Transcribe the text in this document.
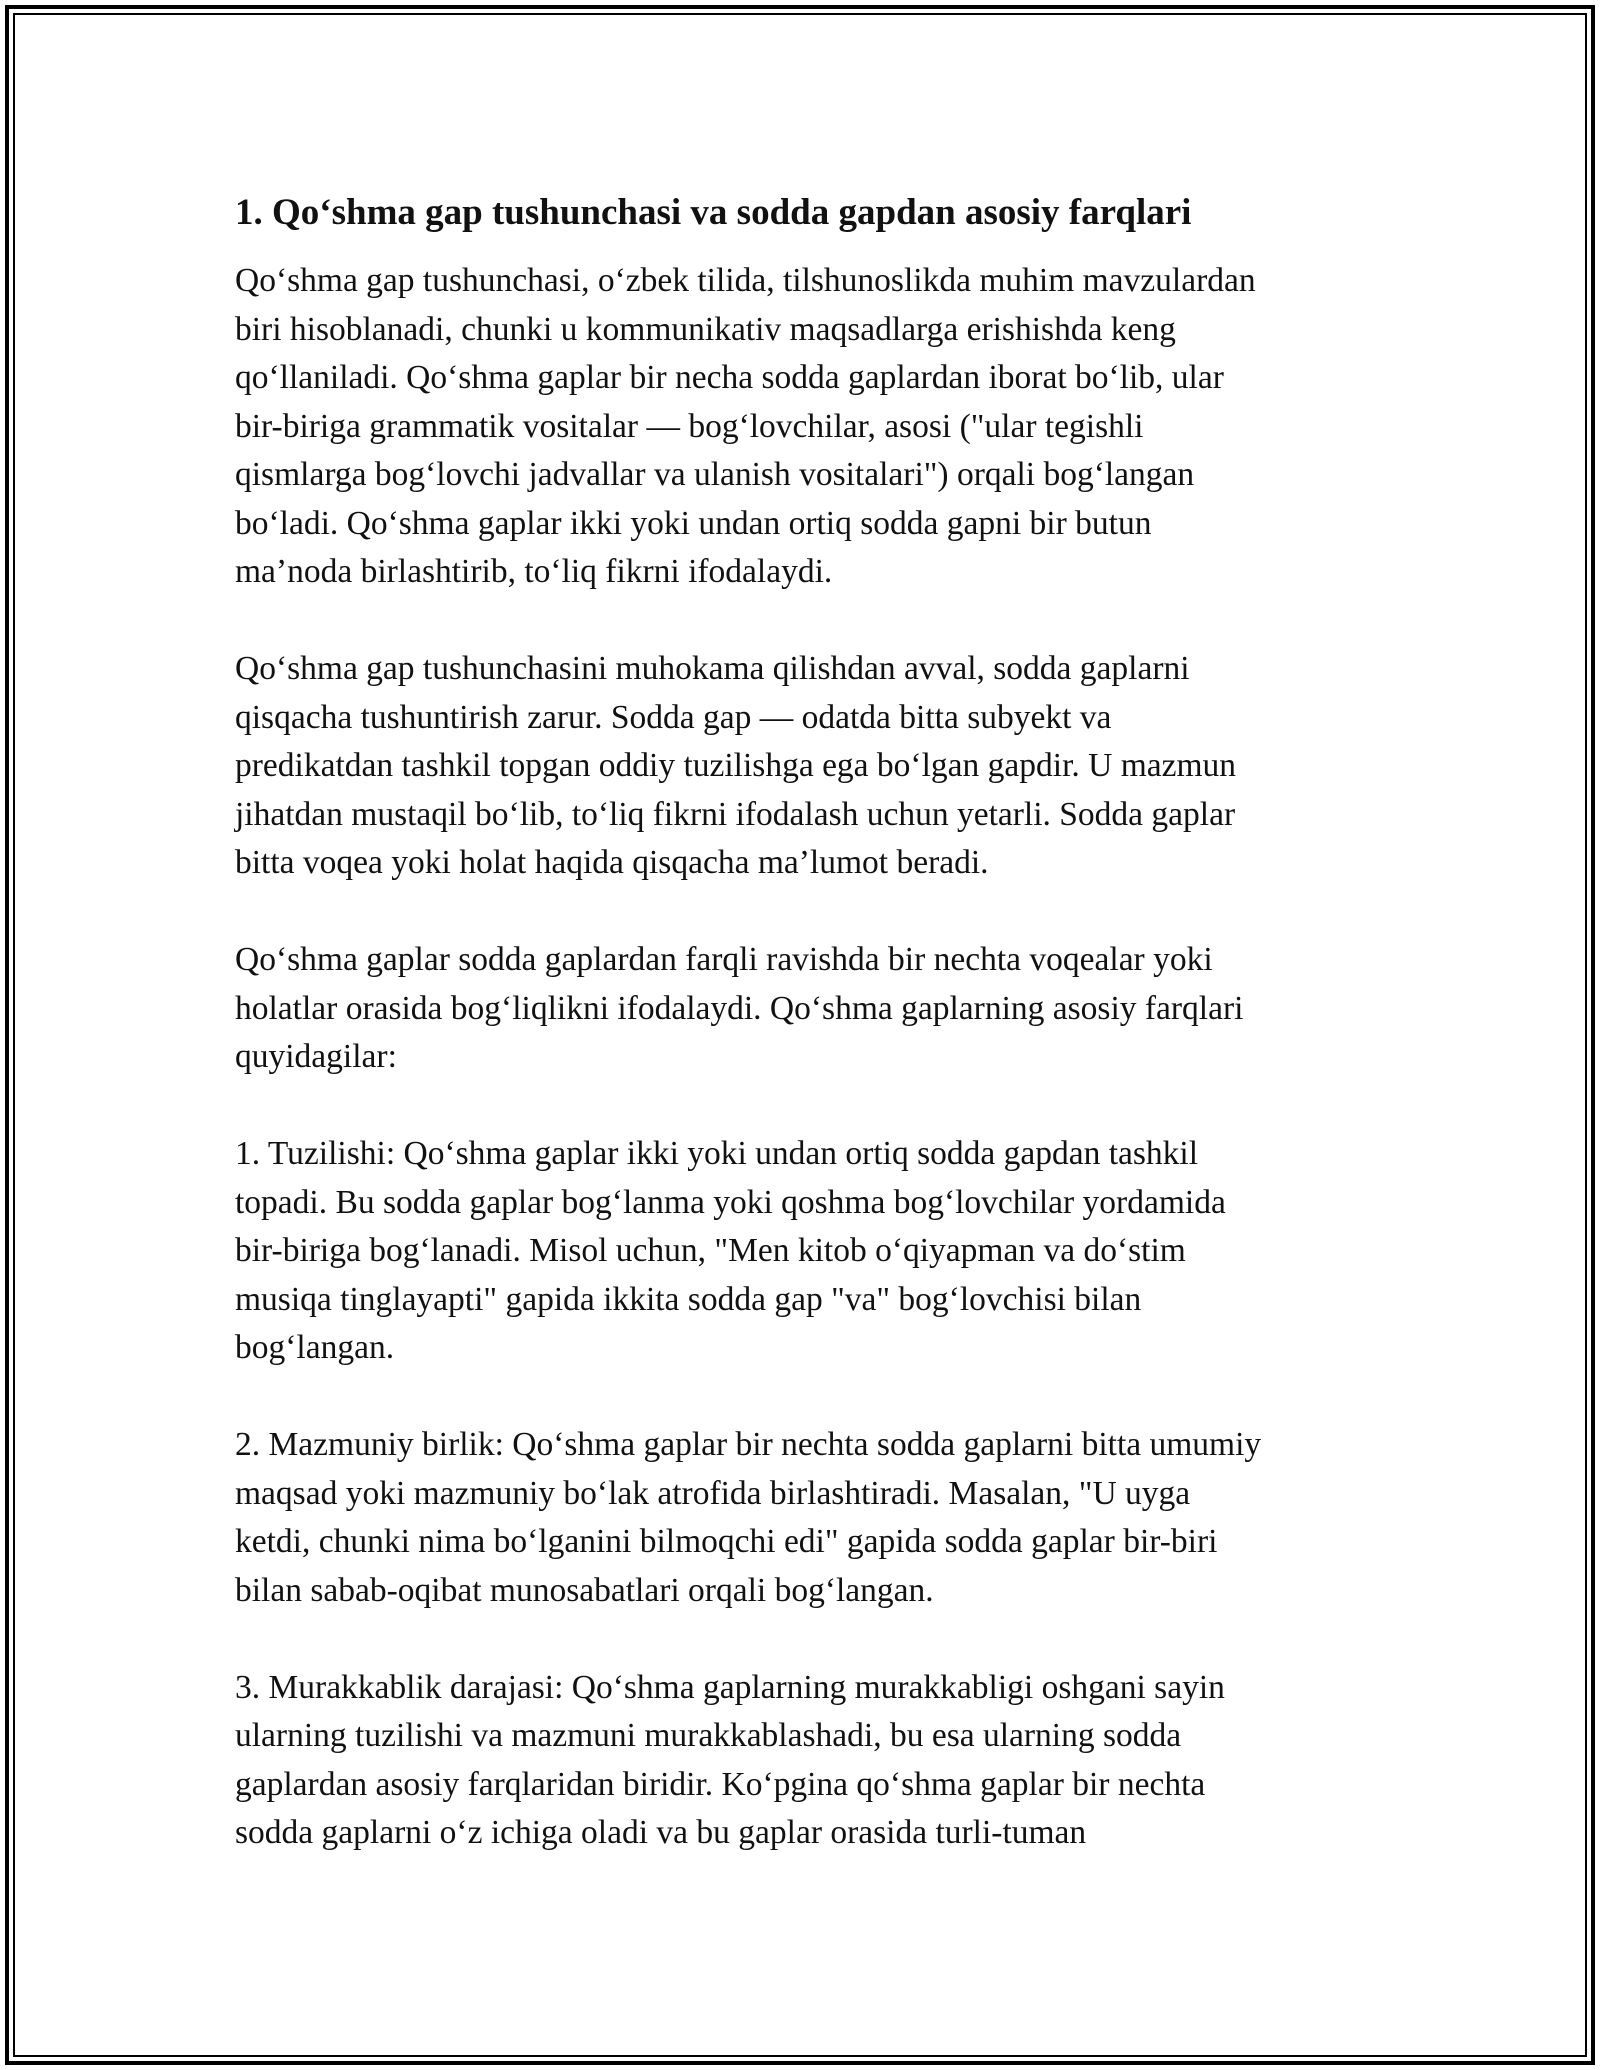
1. Qo‘shma gap tushunchasi va sodda gapdan asosiy farqlari

Qo‘shma gap tushunchasi, o‘zbek tilida, tilshunoslikda muhim mavzulardan
biri hisoblanadi, chunki u kommunikativ maqsadlarga erishishda keng
qo‘llaniladi. Qo‘shma gaplar bir necha sodda gaplardan iborat bo‘lib, ular
bir-biriga grammatik vositalar — bog‘lovchilar, asosi ("ular tegishli
qismlarga bog‘lovchi jadvallar va ulanish vositalari") orqali bog‘langan
bo‘ladi. Qo‘shma gaplar ikki yoki undan ortiq sodda gapni bir butun
ma’noda birlashtirib, to‘liq fikrni ifodalaydi.

Qo‘shma gap tushunchasini muhokama qilishdan avval, sodda gaplarni
qisqacha tushuntirish zarur. Sodda gap — odatda bitta subyekt va
predikatdan tashkil topgan oddiy tuzilishga ega bo‘lgan gapdir. U mazmun
jihatdan mustaqil bo‘lib, to‘liq fikrni ifodalash uchun yetarli. Sodda gaplar
bitta voqea yoki holat haqida qisqacha ma’lumot beradi.

Qo‘shma gaplar sodda gaplardan farqli ravishda bir nechta voqealar yoki
holatlar orasida bog‘liqlikni ifodalaydi. Qo‘shma gaplarning asosiy farqlari
quyidagilar:

1. Tuzilishi: Qo‘shma gaplar ikki yoki undan ortiq sodda gapdan tashkil
topadi. Bu sodda gaplar bog‘lanma yoki qoshma bog‘lovchilar yordamida
bir-biriga bog‘lanadi. Misol uchun, "Men kitob o‘qiyapman va do‘stim
musiqa tinglayapti" gapida ikkita sodda gap "va" bog‘lovchisi bilan
bog‘langan.

2. Mazmuniy birlik: Qo‘shma gaplar bir nechta sodda gaplarni bitta umumiy
maqsad yoki mazmuniy bo‘lak atrofida birlashtiradi. Masalan, "U uyga
ketdi, chunki nima bo‘lganini bilmoqchi edi" gapida sodda gaplar bir-biri
bilan sabab-oqibat munosabatlari orqali bog‘langan.

3. Murakkablik darajasi: Qo‘shma gaplarning murakkabligi oshgani sayin
ularning tuzilishi va mazmuni murakkablashadi, bu esa ularning sodda
gaplardan asosiy farqlaridan biridir. Ko‘pgina qo‘shma gaplar bir nechta
sodda gaplarni o‘z ichiga oladi va bu gaplar orasida turli-tuman
